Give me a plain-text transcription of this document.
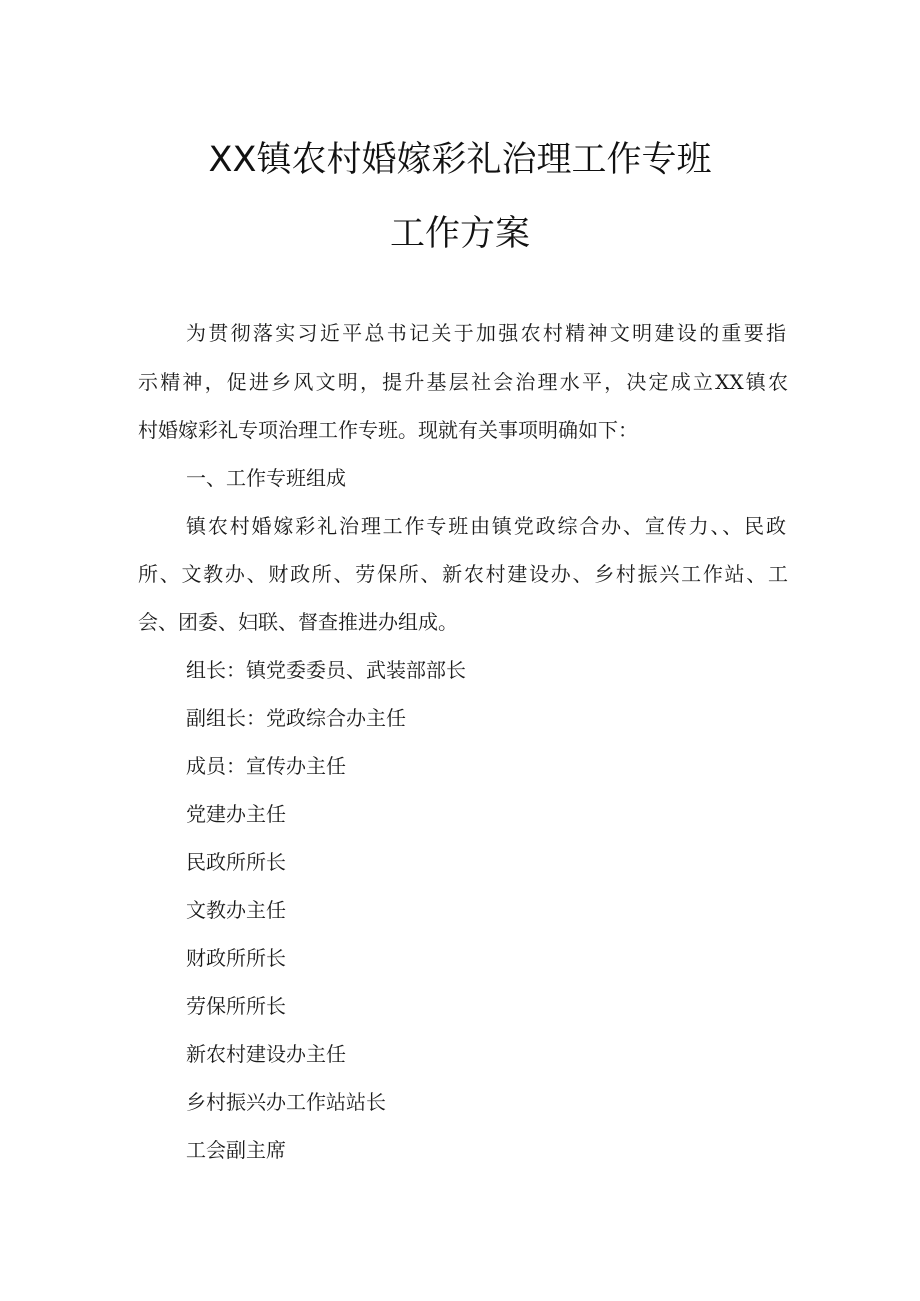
XX镇农村婚嫁彩礼治理工作专班
工作方案
为贯彻落实习近平总书记关于加强农村精神文明建设的重要指
示精神，促进乡风文明，提升基层社会治理水平，决定成立XX镇农
村婚嫁彩礼专项治理工作专班。现就有关事项明确如下：
一、工作专班组成
镇农村婚嫁彩礼治理工作专班由镇党政综合办、宣传力、、民政
所、文教办、财政所、劳保所、新农村建设办、乡村振兴工作站、工
会、团委、妇联、督查推进办组成。
组长：镇党委委员、武装部部长
副组长：党政综合办主任
成员：宣传办主任
党建办主任
民政所所长
文教办主任
财政所所长
劳保所所长
新农村建设办主任
乡村振兴办工作站站长
工会副主席
